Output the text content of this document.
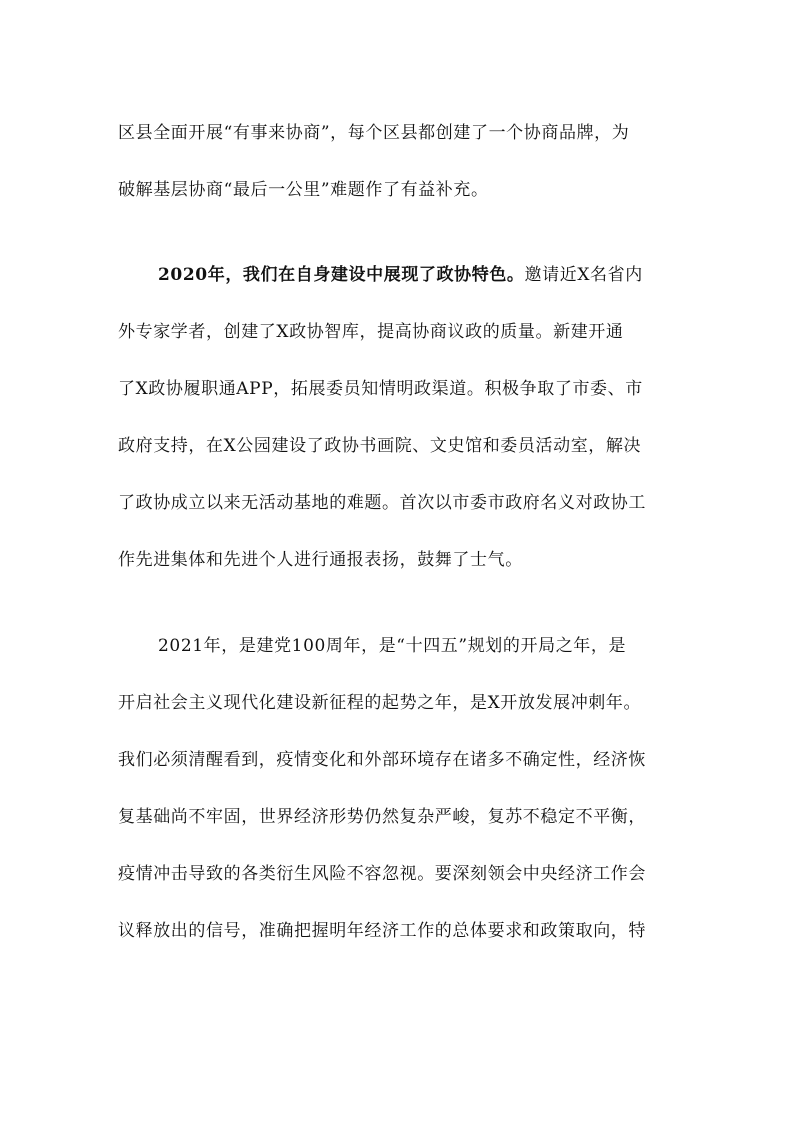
区县全面开展“有事来协商”，每个区县都创建了一个协商品牌，为
破解基层协商“最后一公里”难题作了有益补充。
2020年，我们在自身建设中展现了政协特色。邀请近X名省内
外专家学者，创建了X政协智库，提高协商议政的质量。新建开通
了X政协履职通APP，拓展委员知情明政渠道。积极争取了市委、市
政府支持，在X公园建设了政协书画院、文史馆和委员活动室，解决
了政协成立以来无活动基地的难题。首次以市委市政府名义对政协工
作先进集体和先进个人进行通报表扬，鼓舞了士气。
2021年，是建党100周年，是“十四五”规划的开局之年，是
开启社会主义现代化建设新征程的起势之年，是X开放发展冲刺年。
我们必须清醒看到，疫情变化和外部环境存在诸多不确定性，经济恢
复基础尚不牢固，世界经济形势仍然复杂严峻，复苏不稳定不平衡，
疫情冲击导致的各类衍生风险不容忽视。要深刻领会中央经济工作会
议释放出的信号，准确把握明年经济工作的总体要求和政策取向，特
